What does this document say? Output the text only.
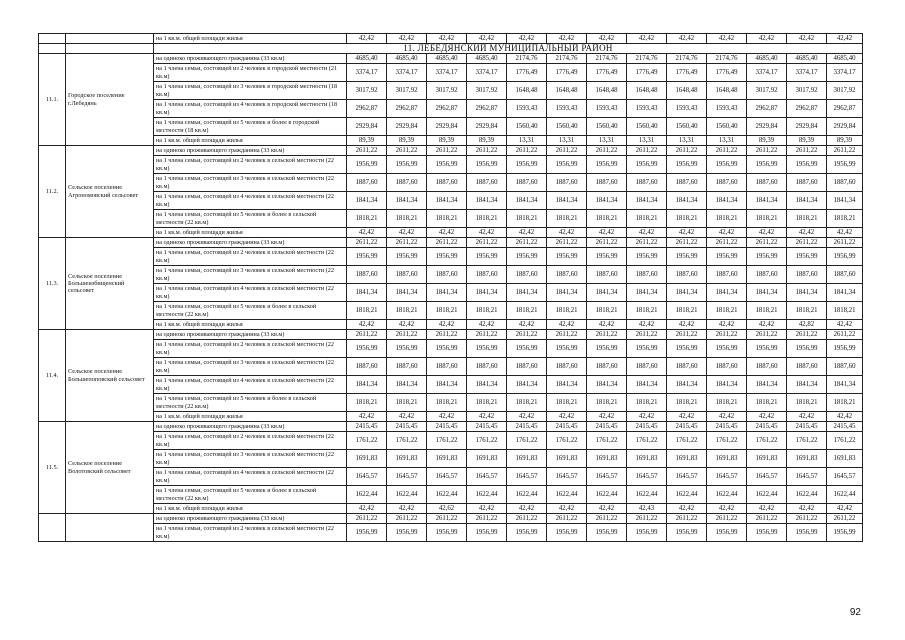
		на 1 кв.м. общей площади жилья	42,42	42,42	42,42	42,42	42,42	42,42	42,42	42,42	42,42	42,42	42,42	42,42	42,42
		11. ЛЕБЕДЯНСКИЙ МУНИЦИПАЛЬНЫЙ РАЙОН													
11.1.	Городское поселение г.Лебедянь	на одиноко проживающего гражданина (33 кв.м)	4685,40	4685,40	4685,40	4685,40	2174,76	2174,76	2174,76	2174,76	2174,76	2174,76	4685,40	4685,40	4685,40
		на 1 члена семьи, состоящей из 2 человек в городской местности (21 кв.м)	3374,17	3374,17	3374,17	3374,17	1776,49	1776,49	1776,49	1776,49	1776,49	1776,49	3374,17	3374,17	3374,17
		на 1 члена семьи, состоящей из 3 человек в городской местности (18 кв.м)	3017,92	3017,92	3017,92	3017,92	1648,48	1648,48	1648,48	1648,48	1648,48	1648,48	3017,92	3017,92	3017,92
		на 1 члена семьи, состоящей из 4 человек в городской местности (18 кв.м)	2962,87	2962,87	2962,87	2962,87	1593,43	1593,43	1593,43	1593,43	1593,43	1593,43	2962,87	2962,87	2962,87
		на 1 члена семьи, состоящей из 5 человек и более в городской местности (18 кв.м)	2929,84	2929,84	2929,84	2929,84	1560,40	1560,40	1560,40	1560,40	1560,40	1560,40	2929,84	2929,84	2929,84
		на 1 кв.м. общей площади жилья	89,39	89,39	89,39	89,39	13,31	13,31	13,31	13,31	13,31	13,31	89,39	89,39	89,39
11.2.	Сельское поселение Агрономовский сельсовет	на одиноко проживающего гражданина (33 кв.м)	2611,22	2611,22	2611,22	2611,22	2611,22	2611,22	2611,22	2611,22	2611,22	2611,22	2611,22	2611,22	2611,22
		на 1 члена семьи, состоящей из 2 человек в сельской местности (22 кв.м)	1956,99	1956,99	1956,99	1956,99	1956,99	1956,99	1956,99	1956,99	1956,99	1956,99	1956,99	1956,99	1956,99
		на 1 члена семьи, состоящей из 3 человек в сельской местности (22 кв.м)	1887,60	1887,60	1887,60	1887,60	1887,60	1887,60	1887,60	1887,60	1887,60	1887,60	1887,60	1887,60	1887,60
		на 1 члена семьи, состоящей из 4 человек в сельской местности (22 кв.м)	1841,34	1841,34	1841,34	1841,34	1841,34	1841,34	1841,34	1841,34	1841,34	1841,34	1841,34	1841,34	1841,34
		на 1 члена семьи, состоящей из 5 человек и более в сельской местности (22 кв.м)	1818,21	1818,21	1818,21	1818,21	1818,21	1818,21	1818,21	1818,21	1818,21	1818,21	1818,21	1818,21	1818,21
		на 1 кв.м. общей площади жилья	42,42	42,42	42,42	42,42	42,42	42,42	42,42	42,42	42,42	42,42	42,42	42,42	42,42
11.3.	Сельское поселение Большеизбищенский сельсовет	на одиноко проживающего гражданина (33 кв.м)	2611,22	2611,22	2611,22	2611,22	2611,22	2611,22	2611,22	2611,22	2611,22	2611,22	2611,22	2611,22	2611,22
		на 1 члена семьи, состоящей из 2 человек в сельской местности (22 кв.м)	1956,99	1956,99	1956,99	1956,99	1956,99	1956,99	1956,99	1956,99	1956,99	1956,99	1956,99	1956,99	1956,99
		на 1 члена семьи, состоящей из 3 человек в сельской местности (22 кв.м)	1887,60	1887,60	1887,60	1887,60	1887,60	1887,60	1887,60	1887,60	1887,60	1887,60	1887,60	1887,60	1887,60
		на 1 члена семьи, состоящей из 4 человек в сельской местности (22 кв.м)	1841,34	1841,34	1841,34	1841,34	1841,34	1841,34	1841,34	1841,34	1841,34	1841,34	1841,34	1841,34	1841,34
		на 1 члена семьи, состоящей из 5 человек и более в сельской местности (22 кв.м)	1818,21	1818,21	1818,21	1818,21	1818,21	1818,21	1818,21	1818,21	1818,21	1818,21	1818,21	1818,21	1818,21
		на 1 кв.м. общей площади жилья	42,42	42,42	42,42	42,42	42,42	42,42	42,42	42,42	42,42	42,42	42,42	42,82	42,42
11.4.	Сельское поселение Большепоповский сельсовет	на одиноко проживающего гражданина (33 кв.м)	2611,22	2611,22	2611,22	2611,22	2611,22	2611,22	2611,22	2611,22	2611,22	2611,22	2611,22	2611,22	2611,22
		на 1 члена семьи, состоящей из 2 человек в сельской местности (22 кв.м)	1956,99	1956,99	1956,99	1956,99	1956,99	1956,99	1956,99	1956,99	1956,99	1956,99	1956,99	1956,99	1956,99
		на 1 члена семьи, состоящей из 3 человек в сельской местности (22 кв.м)	1887,60	1887,60	1887,60	1887,60	1887,60	1887,60	1887,60	1887,60	1887,60	1887,60	1887,60	1887,60	1887,60
		на 1 члена семьи, состоящей из 4 человек в сельской местности (22 кв.м)	1841,34	1841,34	1841,34	1841,34	1841,34	1841,34	1841,34	1841,34	1841,34	1841,34	1841,34	1841,34	1841,34
		на 1 члена семьи, состоящей из 5 человек и более в сельской местности (22 кв.м)	1818,21	1818,21	1818,21	1818,21	1818,21	1818,21	1818,21	1818,21	1818,21	1818,21	1818,21	1818,21	1818,21
		на 1 кв.м. общей площади жилья	42,42	42,42	42,42	42,42	42,42	42,42	42,42	42,42	42,42	42,42	42,42	42,42	42,42
11.5.	Сельское поселение Волотовский сельсовет	на одиноко проживающего гражданина (33 кв.м)	2415,45	2415,45	2415,45	2415,45	2415,45	2415,45	2415,45	2415,45	2415,45	2415,45	2415,45	2415,45	2415,45
		на 1 члена семьи, состоящей из 2 человек в сельской местности (22 кв.м)	1761,22	1761,22	1761,22	1761,22	1761,22	1761,22	1761,22	1761,22	1761,22	1761,22	1761,22	1761,22	1761,22
		на 1 члена семьи, состоящей из 3 человек в сельской местности (22 кв.м)	1691,83	1691,83	1691,83	1691,83	1691,83	1691,83	1691,83	1691,83	1691,83	1691,83	1691,83	1691,83	1691,83
		на 1 члена семьи, состоящей из 4 человек в сельской местности (22 кв.м)	1645,57	1645,57	1645,57	1645,57	1645,57	1645,57	1645,57	1645,57	1645,57	1645,57	1645,57	1645,57	1645,57
		на 1 члена семьи, состоящей из 5 человек и более в сельской местности (22 кв.м)	1622,44	1622,44	1622,44	1622,44	1622,44	1622,44	1622,44	1622,44	1622,44	1622,44	1622,44	1622,44	1622,44
		на 1 кв.м. общей площади жилья	42,42	42,42	42,62	42,42	42,42	42,42	42,42	42,43	42,42	42,42	42,42	42,42	42,42
		на одиноко проживающего гражданина (33 кв.м)	2611,22	2611,22	2611,22	2611,22	2611,22	2611,22	2611,22	2611,22	2611,22	2611,22	2611,22	2611,22	2611,22
		на 1 члена семьи, состоящей из 2 человек в сельской местности (22 кв.м)	1956,99	1956,99	1956,99	1956,99	1956,99	1956,99	1956,99	1956,99	1956,99	1956,99	1956,99	1956,99	1956,99
92
